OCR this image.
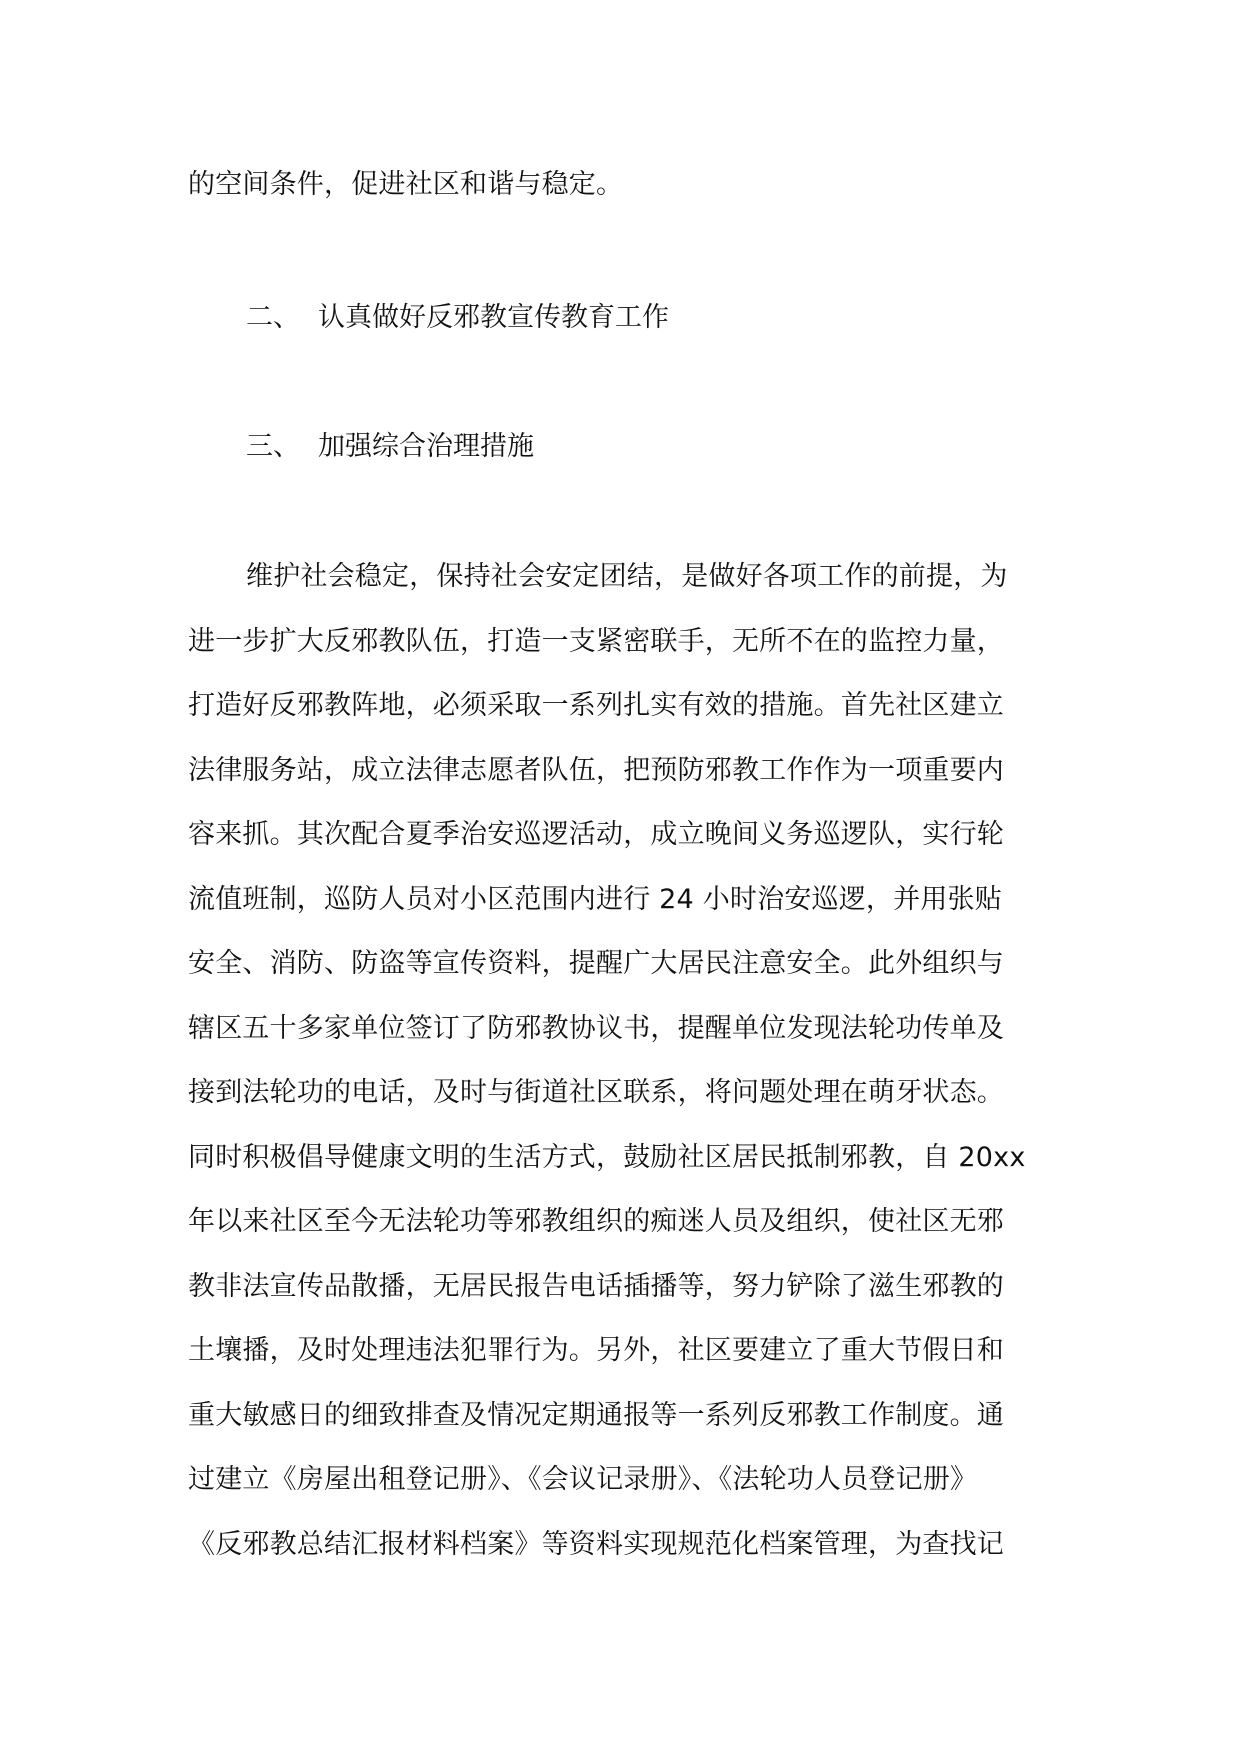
的空间条件，促进社区和谐与稳定。
二、 认真做好反邪教宣传教育工作
三、 加强综合治理措施
维护社会稳定，保持社会安定团结，是做好各项工作的前提，为
进一步扩大反邪教队伍，打造一支紧密联手，无所不在的监控力量，
打造好反邪教阵地，必须采取一系列扎实有效的措施。首先社区建立
法律服务站，成立法律志愿者队伍，把预防邪教工作作为一项重要内
容来抓。其次配合夏季治安巡逻活动，成立晚间义务巡逻队，实行轮
流值班制，巡防人员对小区范围内进行 24 小时治安巡逻，并用张贴
安全、消防、防盗等宣传资料，提醒广大居民注意安全。此外组织与
辖区五十多家单位签订了防邪教协议书，提醒单位发现法轮功传单及
接到法轮功的电话，及时与街道社区联系，将问题处理在萌牙状态。
同时积极倡导健康文明的生活方式，鼓励社区居民抵制邪教，自 20xx
年以来社区至今无法轮功等邪教组织的痴迷人员及组织，使社区无邪
教非法宣传品散播，无居民报告电话插播等，努力铲除了滋生邪教的
土壤播，及时处理违法犯罪行为。另外，社区要建立了重大节假日和
重大敏感日的细致排查及情况定期通报等一系列反邪教工作制度。通
过建立《房屋出租登记册》、《会议记录册》、《法轮功人员登记册》
《反邪教总结汇报材料档案》等资料实现规范化档案管理，为查找记
